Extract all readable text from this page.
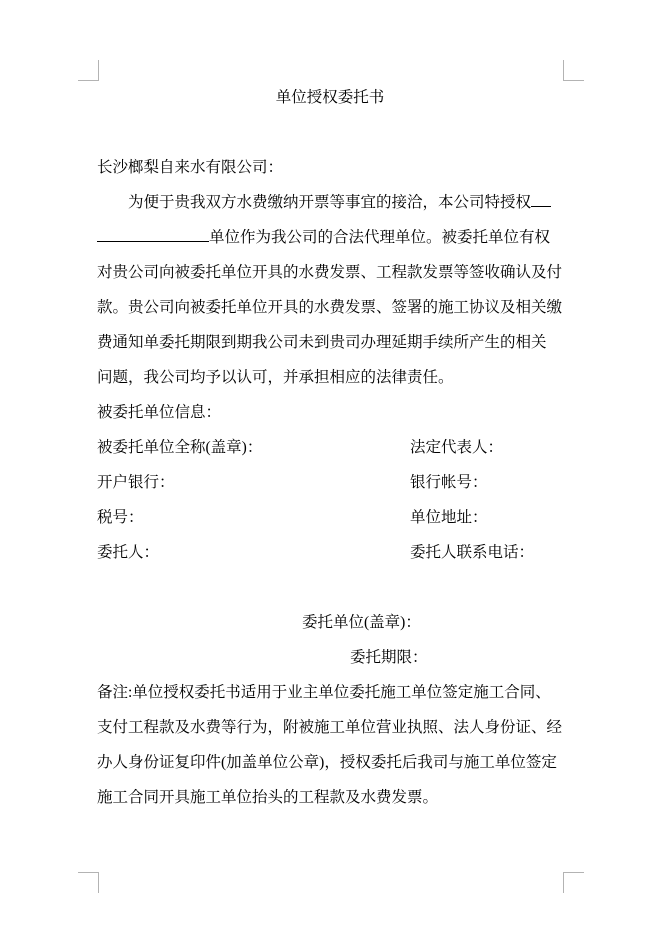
单位授权委托书
长沙榔梨自来水有限公司：
为便于贵我双方水费缴纳开票等事宜的接洽，本公司特授权
单位作为我公司的合法代理单位。被委托单位有权
对贵公司向被委托单位开具的水费发票、工程款发票等签收确认及付
款。贵公司向被委托单位开具的水费发票、签署的施工协议及相关缴
费通知单委托期限到期我公司未到贵司办理延期手续所产生的相关
问题，我公司均予以认可，并承担相应的法律责任。
被委托单位信息：
被委托单位全称(盖章)：	法定代表人：
开户银行：	银行帐号：
税号：	单位地址：
委托人：	委托人联系电话：
委托单位(盖章)：
委托期限：
备注:单位授权委托书适用于业主单位委托施工单位签定施工合同、
支付工程款及水费等行为，附被施工单位营业执照、法人身份证、经
办人身份证复印件(加盖单位公章)，授权委托后我司与施工单位签定
施工合同开具施工单位抬头的工程款及水费发票。
